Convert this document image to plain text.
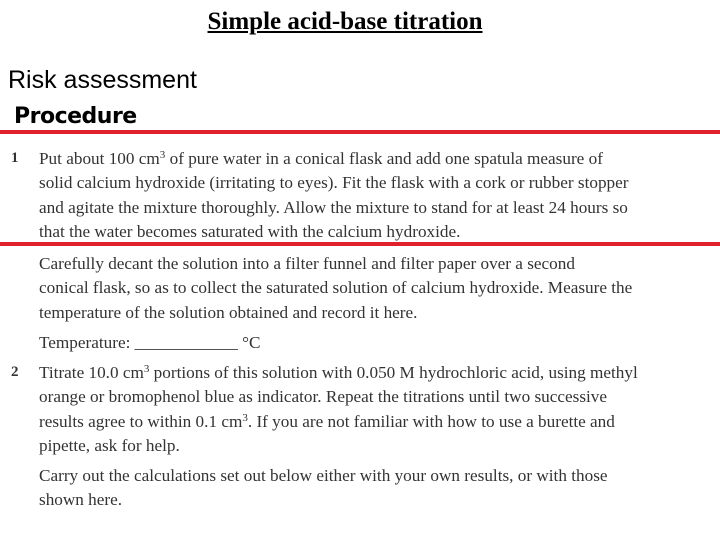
Simple acid-base titration
Risk assessment
Procedure
1 Put about 100 $cm^3$ of pure water in a conical flask and add one spatula measure of
solid calcium hydroxide (irritating to eyes). Fit the flask with a cork or rubber stopper
and agitate the mixture thoroughly. Allow the mixture to stand for at least 24 hours so
that the water becomes saturated with the calcium hydroxide.
Carefully decant the solution into a filter funnel and filter paper over a second
conical flask, so as to collect the saturated solution of calcium hydroxide. Measure the
temperature of the solution obtained and record it here.
Temperature: ____________ °C
2 Titrate 10.0 $cm^3$ portions of this solution with 0.050 M hydrochloric acid, using methyl
orange or bromophenol blue as indicator. Repeat the titrations until two successive
results agree to within 0.1 $cm^3$. If you are not familiar with how to use a burette and
pipette, ask for help.
Carry out the calculations set out below either with your own results, or with those
shown here.
